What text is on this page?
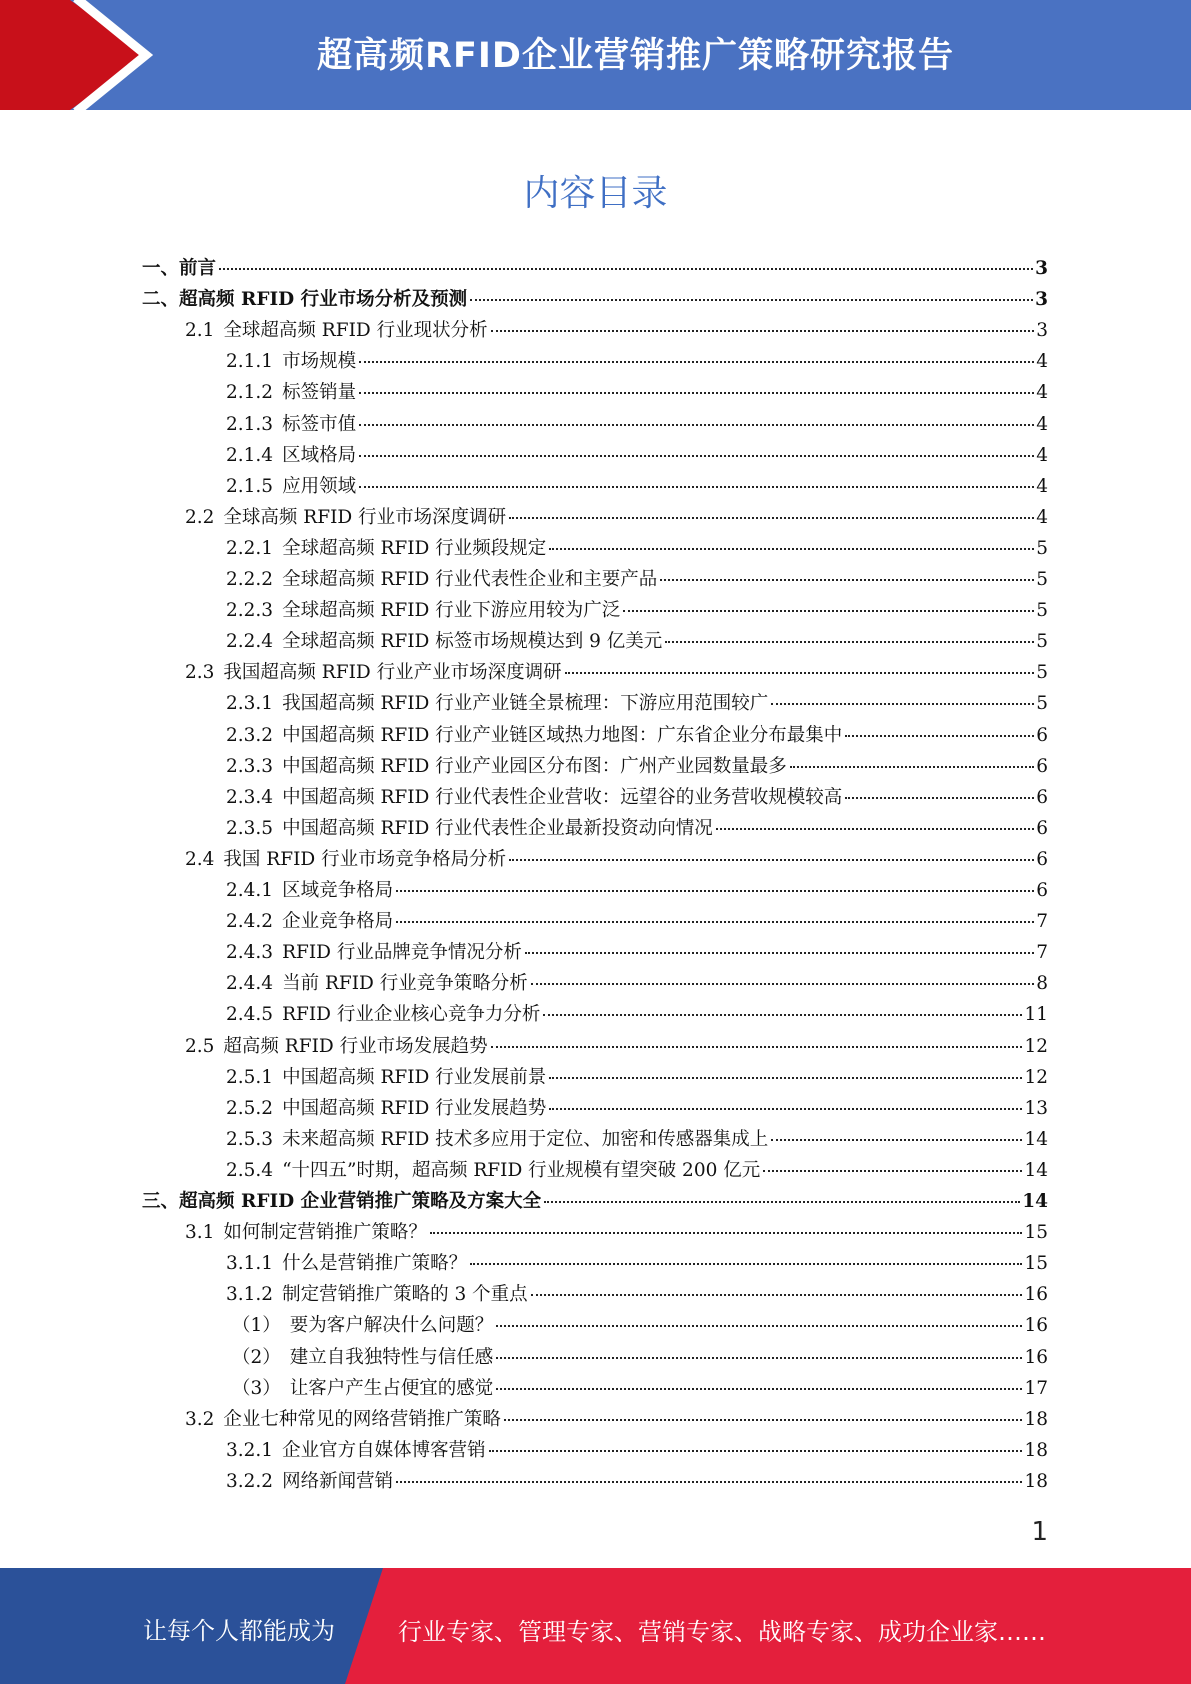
超高频RFID企业营销推广策略研究报告
内容目录
一、 前言	3
二、 超高频 RFID 行业市场分析及预测	3
2.1 全球超高频 RFID 行业现状分析	3
2.1.1 市场规模	4
2.1.2 标签销量	4
2.1.3 标签市值	4
2.1.4 区域格局	4
2.1.5 应用领域	4
2.2 全球高频 RFID 行业市场深度调研	4
2.2.1 全球超高频 RFID 行业频段规定	5
2.2.2 全球超高频 RFID 行业代表性企业和主要产品	5
2.2.3 全球超高频 RFID 行业下游应用较为广泛	5
2.2.4 全球超高频 RFID 标签市场规模达到 9 亿美元	5
2.3 我国超高频 RFID 行业产业市场深度调研	5
2.3.1 我国超高频 RFID 行业产业链全景梳理：下游应用范围较广	5
2.3.2 中国超高频 RFID 行业产业链区域热力地图：广东省企业分布最集中	6
2.3.3 中国超高频 RFID 行业产业园区分布图：广州产业园数量最多	6
2.3.4 中国超高频 RFID 行业代表性企业营收：远望谷的业务营收规模较高	6
2.3.5 中国超高频 RFID 行业代表性企业最新投资动向情况	6
2.4 我国 RFID 行业市场竞争格局分析	6
2.4.1 区域竞争格局	6
2.4.2 企业竞争格局	7
2.4.3 RFID 行业品牌竞争情况分析	7
2.4.4 当前 RFID 行业竞争策略分析	8
2.4.5 RFID 行业企业核心竞争力分析	11
2.5 超高频 RFID 行业市场发展趋势	12
2.5.1 中国超高频 RFID 行业发展前景	12
2.5.2 中国超高频 RFID 行业发展趋势	13
2.5.3 未来超高频 RFID 技术多应用于定位、加密和传感器集成上	14
2.5.4 “十四五”时期，超高频 RFID 行业规模有望突破 200 亿元	14
三、 超高频 RFID 企业营销推广策略及方案大全	14
3.1 如何制定营销推广策略？	15
3.1.1 什么是营销推广策略？	15
3.1.2 制定营销推广策略的 3 个重点	16
（1） 要为客户解决什么问题？	16
（2） 建立自我独特性与信任感	16
（3） 让客户产生占便宜的感觉	17
3.2 企业七种常见的网络营销推广策略	18
3.2.1 企业官方自媒体博客营销	18
3.2.2 网络新闻营销	18
1
让每个人都能成为	行业专家、管理专家、营销专家、战略专家、成功企业家……
